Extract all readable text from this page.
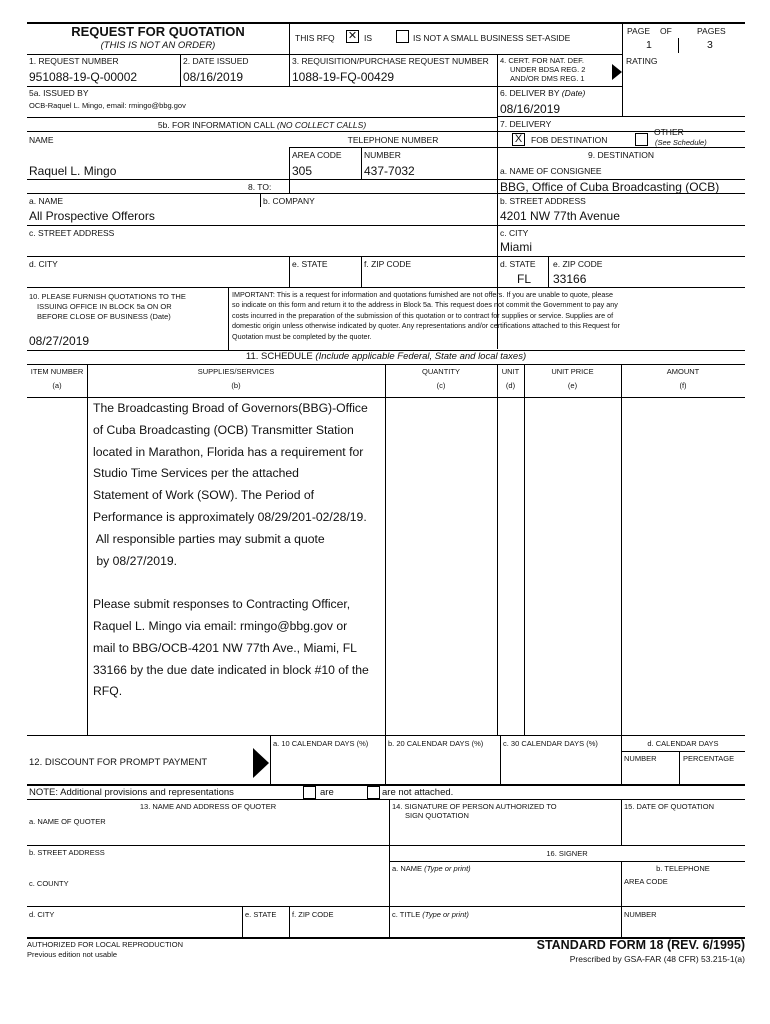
REQUEST FOR QUOTATION
(THIS IS NOT AN ORDER)
THIS RFQ ✕ IS	IS NOT A SMALL BUSINESS SET-ASIDE
PAGE OF	PAGES
1	3
1. REQUEST NUMBER
951088-19-Q-00002
2. DATE ISSUED
08/16/2019
3. REQUISITION/PURCHASE REQUEST NUMBER
1088-19-FQ-00429
4. CERT. FOR NAT. DEF.
UNDER BDSA REG. 2
AND/OR DMS REG. 1
RATING
5a. ISSUED BY
OCB-Raquel L. Mingo, email: rmingo@bbg.gov
6. DELIVER BY (Date)
08/16/2019
5b. FOR INFORMATION CALL (NO COLLECT CALLS)
NAME	TELEPHONE NUMBER
AREA CODE	NUMBER
Raquel L. Mingo	305	437-7032
7. DELIVERY
X	FOB DESTINATION
OTHER
(See Schedule)
9. DESTINATION
a. NAME OF CONSIGNEE
BBG, Office of Cuba Broadcasting (OCB)
b. STREET ADDRESS
4201 NW 77th Avenue
c. CITY
Miami
d. STATE
FL
e. ZIP CODE
33166
8. TO:
a. NAME
All Prospective Offerors
b. COMPANY
c. STREET ADDRESS
d. CITY	e. STATE	f. ZIP CODE
10. PLEASE FURNISH QUOTATIONS TO THE
ISSUING OFFICE IN BLOCK 5a ON OR
BEFORE CLOSE OF BUSINESS (Date)
08/27/2019
IMPORTANT: This is a request for information and quotations furnished are not offers. If you are unable to quote, please
so indicate on this form and return it to the address in Block 5a. This request does not commit the Government to pay any
costs incurred in the preparation of the submission of this quotation or to contract for supplies or service. Supplies are of
domestic origin unless otherwise indicated by quoter. Any representations and/or certifications attached to this Request for
Quotation must be completed by the quoter.
11. SCHEDULE (Include applicable Federal, State and local taxes)
ITEM NUMBER
(a)
SUPPLIES/SERVICES
(b)
QUANTITY
(c)
UNIT
(d)
UNIT PRICE
(e)
AMOUNT
(f)
The Broadcasting Broad of Governors(BBG)-Office
of Cuba Broadcasting (OCB) Transmitter Station
located in Marathon, Florida has a requirement for
Studio Time Services per the attached
Statement of Work (SOW). The Period of
Performance is approximately 08/29/201-02/28/19.
All responsible parties may submit a quote
by 08/27/2019.
Please submit responses to Contracting Officer,
Raquel L. Mingo via email: rmingo@bbg.gov or
mail to BBG/OCB-4201 NW 77th Ave., Miami, FL
33166 by the due date indicated in block #10 of the
RFQ.
12. DISCOUNT FOR PROMPT PAYMENT
a. 10 CALENDAR DAYS (%)	b. 20 CALENDAR DAYS (%)	c. 30 CALENDAR DAYS (%)	d. CALENDAR DAYS
NUMBER	PERCENTAGE
NOTE: Additional provisions and representations	are	are not attached.
13. NAME AND ADDRESS OF QUOTER
a. NAME OF QUOTER
b. STREET ADDRESS
c. COUNTY
d. CITY	e. STATE f. ZIP CODE
14. SIGNATURE OF PERSON AUTHORIZED TO
SIGN QUOTATION
15. DATE OF QUOTATION
16. SIGNER
a. NAME (Type or print)	b. TELEPHONE
AREA CODE
c. TITLE (Type or print)	NUMBER
AUTHORIZED FOR LOCAL REPRODUCTION
Previous edition not usable
STANDARD FORM 18 (REV. 6/1995)
Prescribed by GSA-FAR (48 CFR) 53.215-1(a)
